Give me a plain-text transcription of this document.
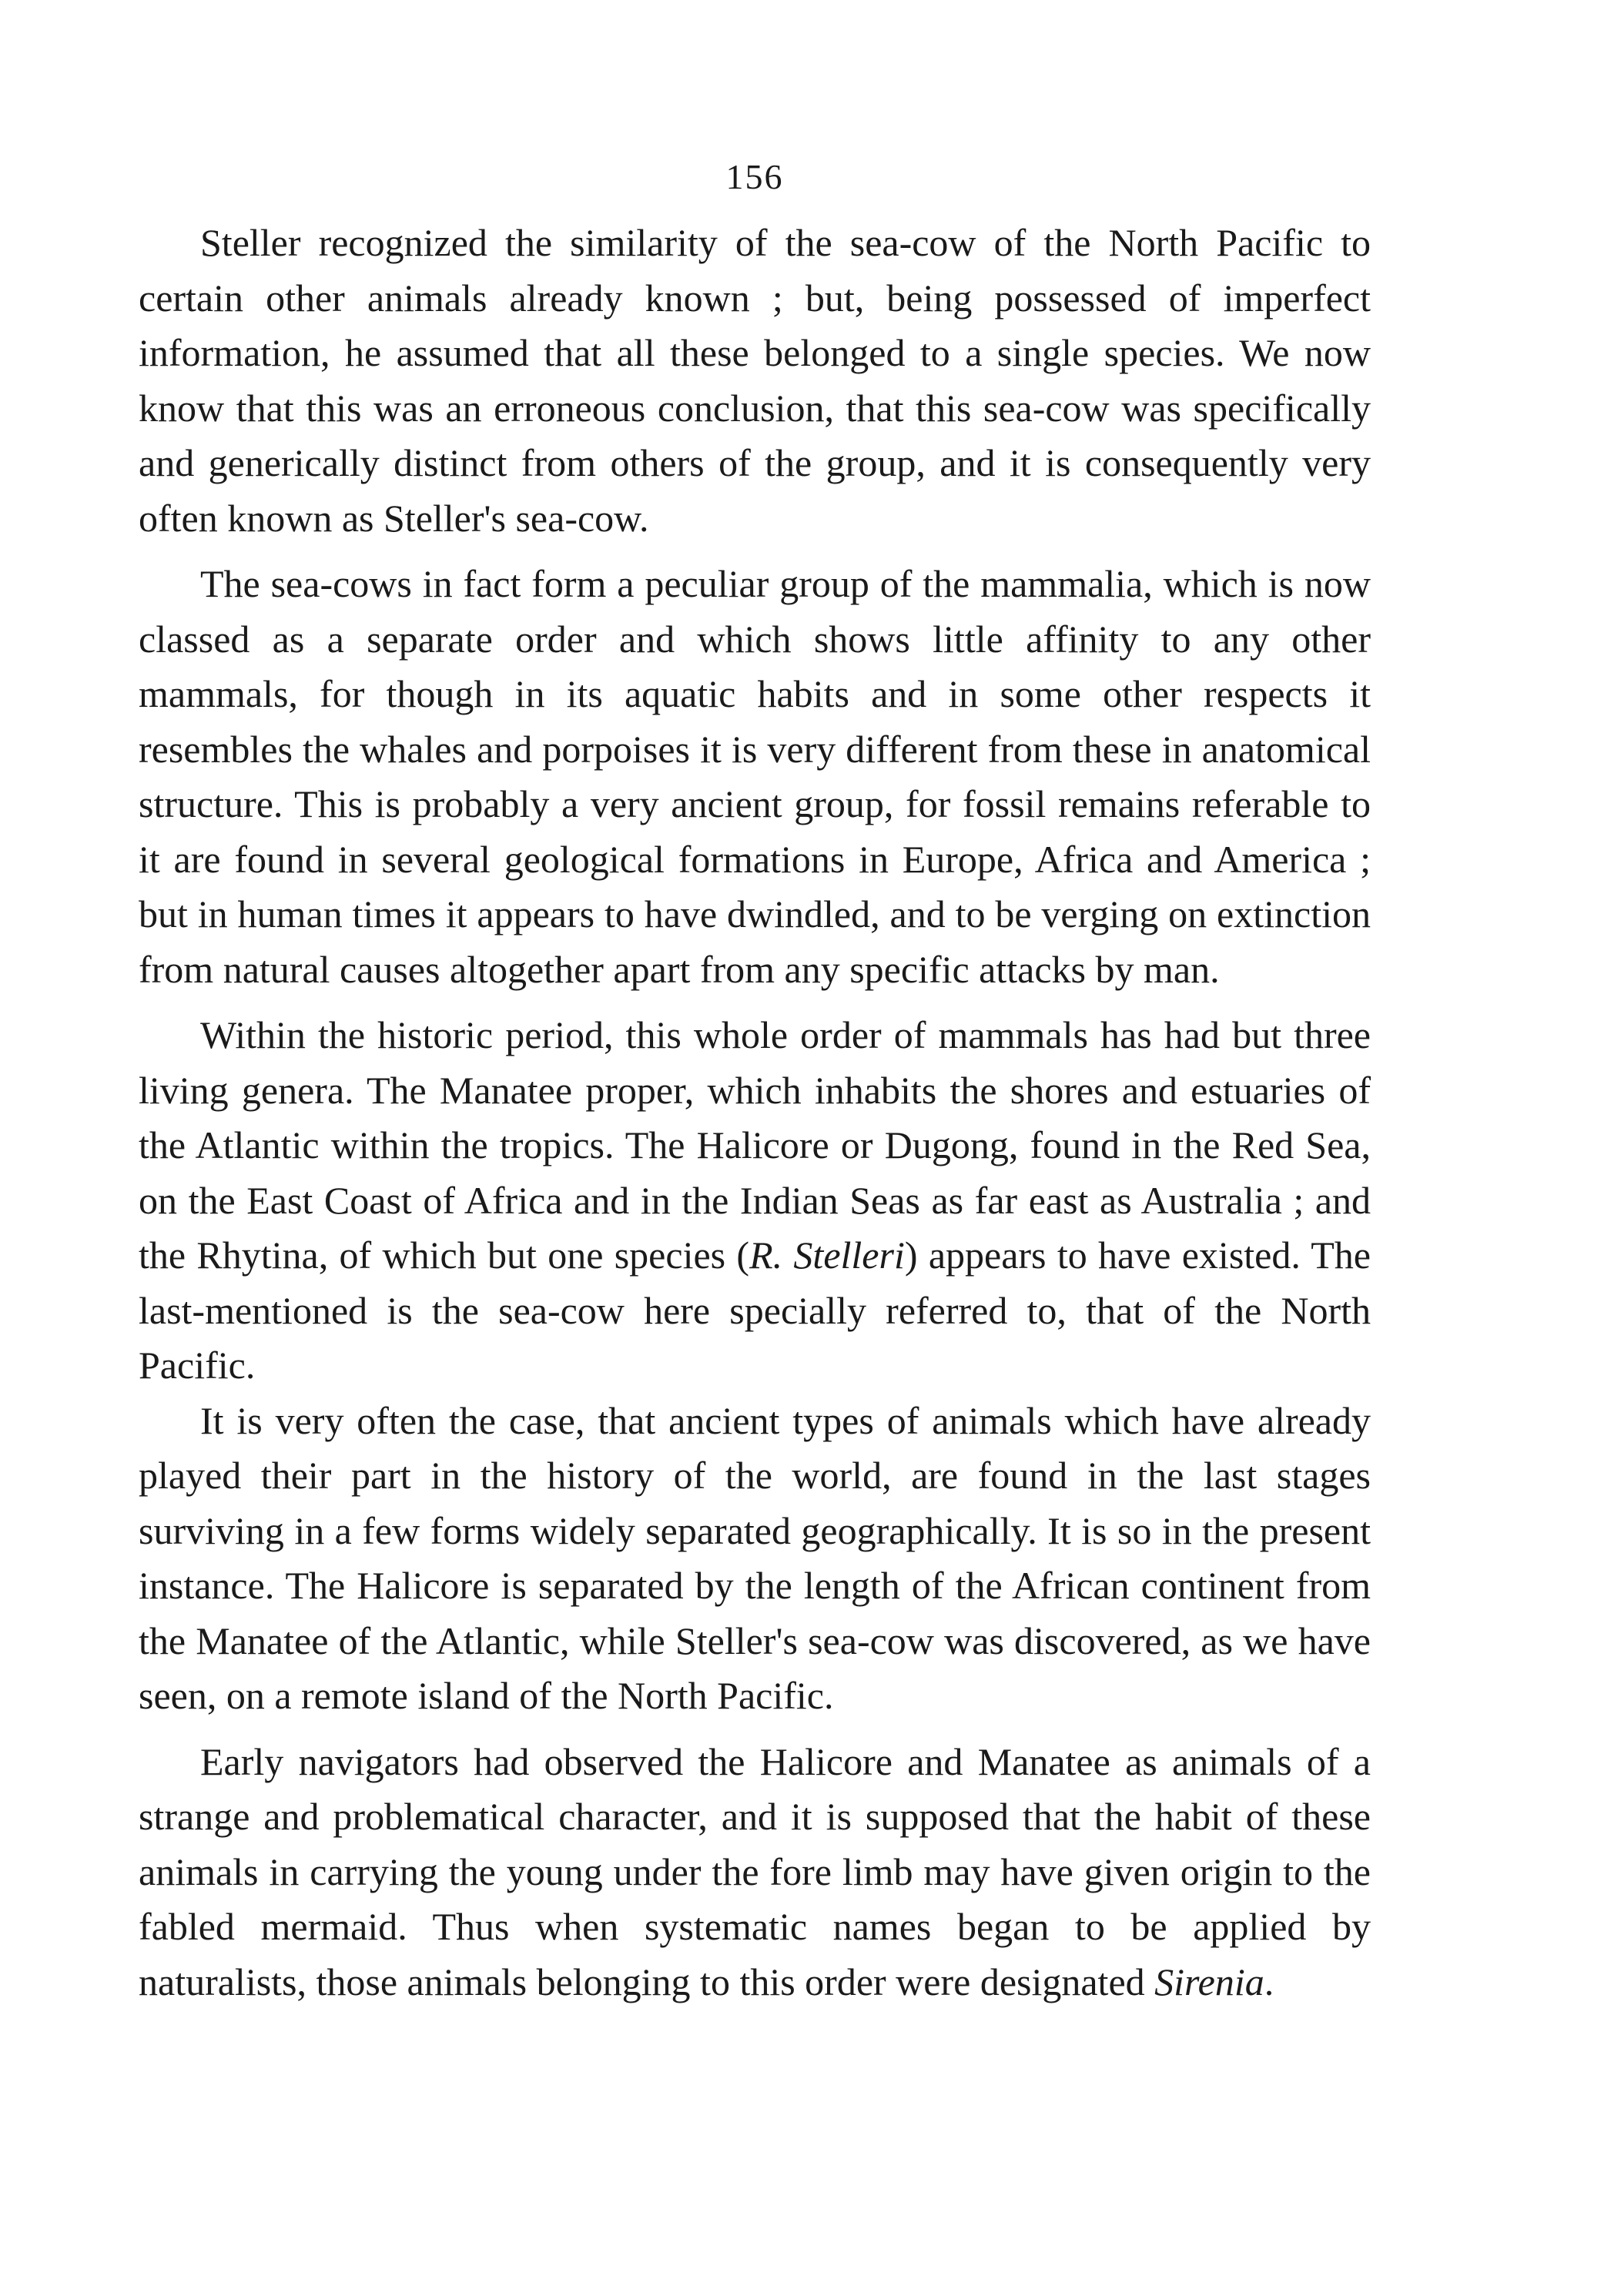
156

Steller recognized the similarity of the sea-cow of the North Pacific to certain other animals already known ; but, being possessed of imperfect information, he assumed that all these belonged to a single species. We now know that this was an erroneous conclusion, that this sea-cow was specifically and generically distinct from others of the group, and it is consequently very often known as Steller's sea-cow.

The sea-cows in fact form a peculiar group of the mammalia, which is now classed as a separate order and which shows little affinity to any other mammals, for though in its aquatic habits and in some other respects it resembles the whales and porpoises it is very different from these in anatomical structure. This is probably a very ancient group, for fossil remains referable to it are found in several geological formations in Europe, Africa and America ; but in human times it appears to have dwindled, and to be verging on extinction from natural causes altogether apart from any specific attacks by man.

Within the historic period, this whole order of mammals has had but three living genera. The Manatee proper, which inhabits the shores and estuaries of the Atlantic within the tropics. The Halicore or Dugong, found in the Red Sea, on the East Coast of Africa and in the Indian Seas as far east as Australia ; and the Rhytina, of which but one species (R. Stelleri) appears to have existed. The last-mentioned is the sea-cow here specially referred to, that of the North Pacific.

It is very often the case, that ancient types of animals which have already played their part in the history of the world, are found in the last stages surviving in a few forms widely separated geographically. It is so in the present instance. The Halicore is separated by the length of the African continent from the Manatee of the Atlantic, while Steller's sea-cow was discovered, as we have seen, on a remote island of the North Pacific.

Early navigators had observed the Halicore and Manatee as animals of a strange and problematical character, and it is supposed that the habit of these animals in carrying the young under the fore limb may have given origin to the fabled mermaid. Thus when systematic names began to be applied by naturalists, those animals belonging to this order were designated Sirenia.
